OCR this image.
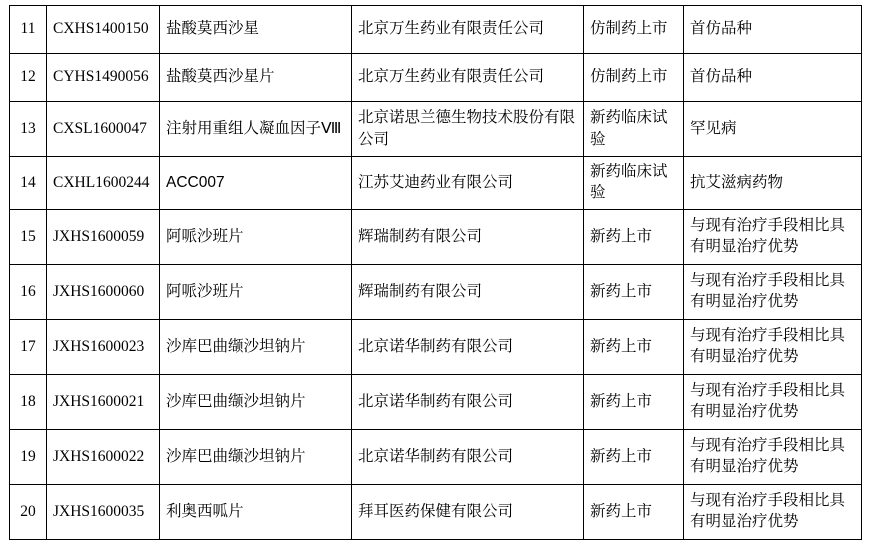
11	CXHS1400150	盐酸莫西沙星	北京万生药业有限责任公司	仿制药上市	首仿品种
12	CYHS1490056	盐酸莫西沙星片	北京万生药业有限责任公司	仿制药上市	首仿品种
13	CXSL1600047	注射用重组人凝血因子Ⅷ	北京诺思兰德生物技术股份有限公司	新药临床试验	罕见病
14	CXHL1600244	ACC007	江苏艾迪药业有限公司	新药临床试验	抗艾滋病药物
15	JXHS1600059	阿哌沙班片	辉瑞制药有限公司	新药上市	与现有治疗手段相比具有明显治疗优势
16	JXHS1600060	阿哌沙班片	辉瑞制药有限公司	新药上市	与现有治疗手段相比具有明显治疗优势
17	JXHS1600023	沙库巴曲缬沙坦钠片	北京诺华制药有限公司	新药上市	与现有治疗手段相比具有明显治疗优势
18	JXHS1600021	沙库巴曲缬沙坦钠片	北京诺华制药有限公司	新药上市	与现有治疗手段相比具有明显治疗优势
19	JXHS1600022	沙库巴曲缬沙坦钠片	北京诺华制药有限公司	新药上市	与现有治疗手段相比具有明显治疗优势
20	JXHS1600035	利奥西呱片	拜耳医药保健有限公司	新药上市	与现有治疗手段相比具有明显治疗优势
